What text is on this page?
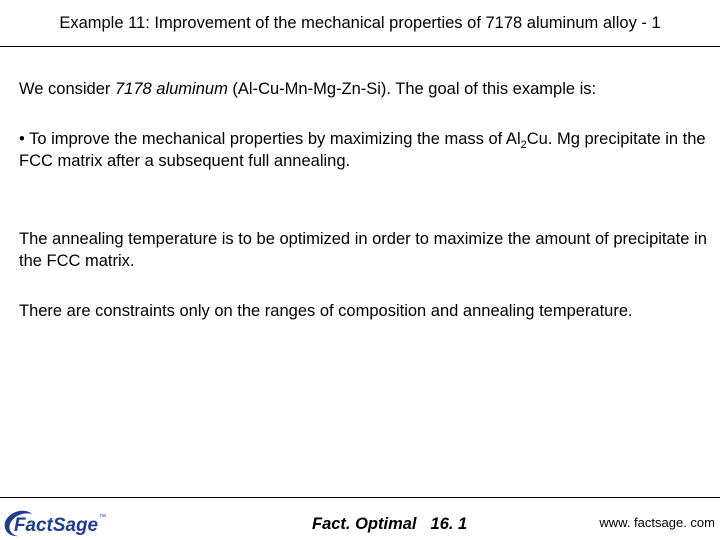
Example 11: Improvement of the mechanical properties of 7178 aluminum alloy - 1
We consider 7178 aluminum (Al-Cu-Mn-Mg-Zn-Si). The goal of this example is:
• To improve the mechanical properties by maximizing the mass of $Al_2Cu$. Mg precipitate in the FCC matrix after a subsequent full annealing.
The annealing temperature is to be optimized in order to maximize the amount of precipitate in the FCC matrix.
There are constraints only on the ranges of composition and annealing temperature.
FactSage ™	Fact. Optimal 16. 1	www. factsage. com
